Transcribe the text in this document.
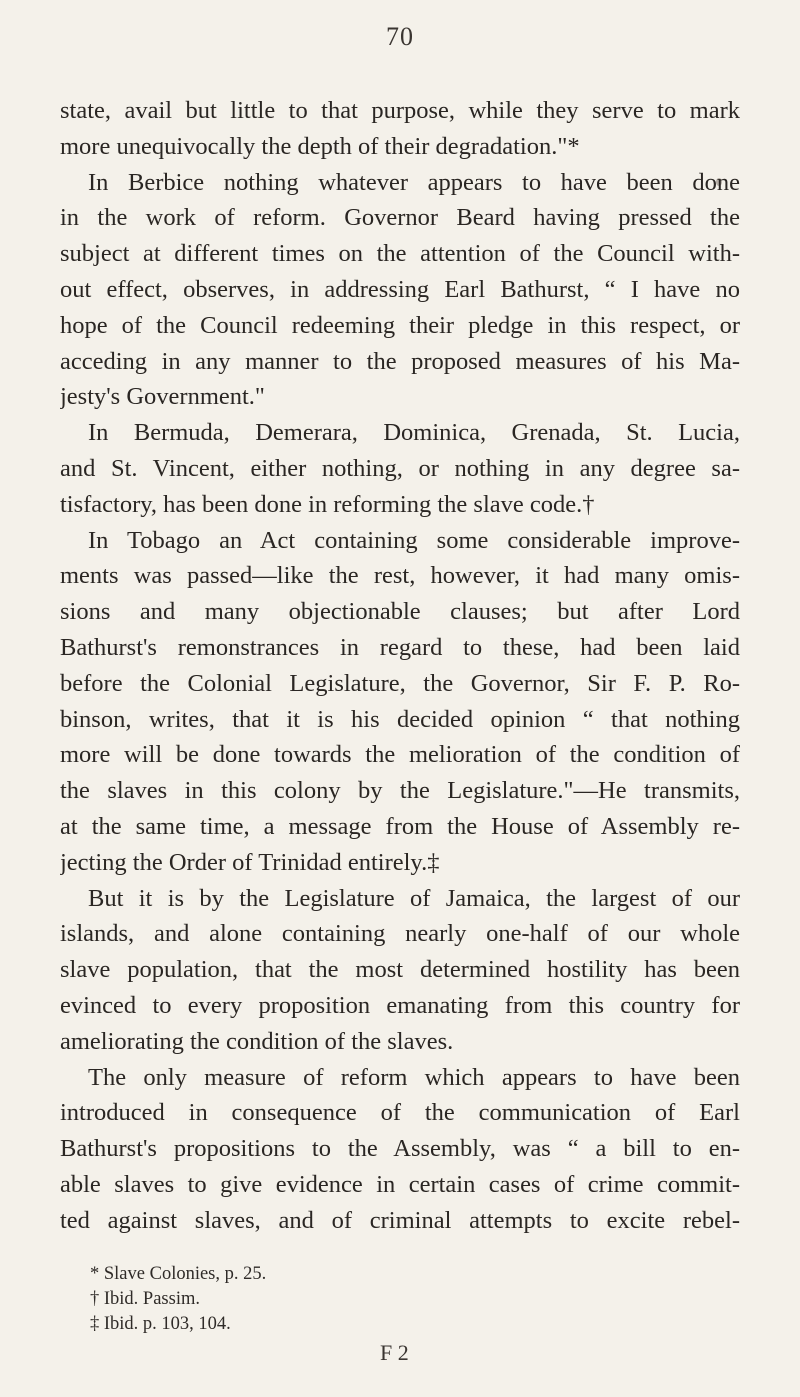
70
state, avail but little to that purpose, while they serve to mark
more unequivocally the depth of their degradation."*
In Berbice nothing whatever appears to have been done
in the work of reform. Governor Beard having pressed the
subject at different times on the attention of the Council with-
out effect, observes, in addressing Earl Bathurst, “ I have no
hope of the Council redeeming their pledge in this respect, or
acceding in any manner to the proposed measures of his Ma-
jesty's Government."
In Bermuda, Demerara, Dominica, Grenada, St. Lucia,
and St. Vincent, either nothing, or nothing in any degree sa-
tisfactory, has been done in reforming the slave code.†
In Tobago an Act containing some considerable improve-
ments was passed—like the rest, however, it had many omis-
sions and many objectionable clauses; but after Lord
Bathurst's remonstrances in regard to these, had been laid
before the Colonial Legislature, the Governor, Sir F. P. Ro-
binson, writes, that it is his decided opinion “ that nothing
more will be done towards the melioration of the condition of
the slaves in this colony by the Legislature."—He transmits,
at the same time, a message from the House of Assembly re-
jecting the Order of Trinidad entirely.‡
But it is by the Legislature of Jamaica, the largest of our
islands, and alone containing nearly one-half of our whole
slave population, that the most determined hostility has been
evinced to every proposition emanating from this country for
ameliorating the condition of the slaves.
The only measure of reform which appears to have been
introduced in consequence of the communication of Earl
Bathurst's propositions to the Assembly, was “ a bill to en-
able slaves to give evidence in certain cases of crime commit-
ted against slaves, and of criminal attempts to excite rebel-
* Slave Colonies, p. 25.
† Ibid. Passim.
‡ Ibid. p. 103, 104.
F 2
